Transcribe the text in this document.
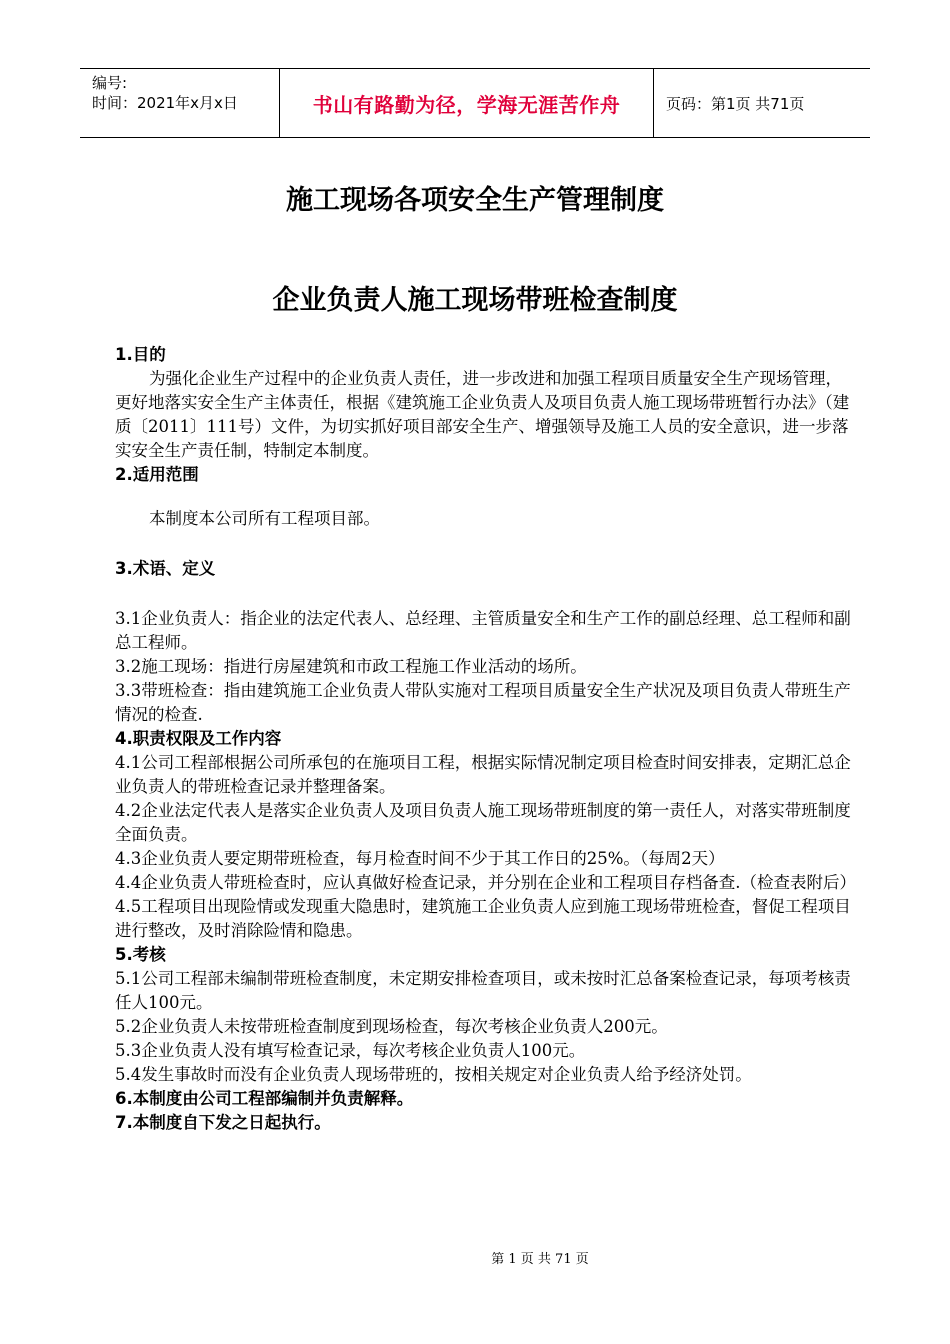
编号:
时间：2021年x月x日	书山有路勤为径，学海无涯苦作舟	页码：第1页 共71页
施工现场各项安全生产管理制度
企业负责人施工现场带班检查制度

1.目的

为强化企业生产过程中的企业负责人责任，进一步改进和加强工程项目质量安全生产现场管理，更好地落实安全生产主体责任，根据《建筑施工企业负责人及项目负责人施工现场带班暂行办法》（建质〔2011〕111号）文件，为切实抓好项目部安全生产、增强领导及施工人员的安全意识，进一步落实安全生产责任制，特制定本制度。

2.适用范围

本制度本公司所有工程项目部。

3.术语、定义

3.1企业负责人：指企业的法定代表人、总经理、主管质量安全和生产工作的副总经理、总工程师和副总工程师。

3.2施工现场：指进行房屋建筑和市政工程施工作业活动的场所。

3.3带班检查：指由建筑施工企业负责人带队实施对工程项目质量安全生产状况及项目负责人带班生产情况的检查.

4.职责权限及工作内容

4.1公司工程部根据公司所承包的在施项目工程，根据实际情况制定项目检查时间安排表，定期汇总企业负责人的带班检查记录并整理备案。

4.2企业法定代表人是落实企业负责人及项目负责人施工现场带班制度的第一责任人，对落实带班制度全面负责。

4.3企业负责人要定期带班检查，每月检查时间不少于其工作日的25%。（每周2天）

4.4企业负责人带班检查时，应认真做好检查记录，并分别在企业和工程项目存档备查.（检查表附后）

4.5工程项目出现险情或发现重大隐患时，建筑施工企业负责人应到施工现场带班检查，督促工程项目进行整改，及时消除险情和隐患。

5.考核

5.1公司工程部未编制带班检查制度，未定期安排检查项目，或未按时汇总备案检查记录，每项考核责任人100元。

5.2企业负责人未按带班检查制度到现场检查，每次考核企业负责人200元。

5.3企业负责人没有填写检查记录，每次考核企业负责人100元。

5.4发生事故时而没有企业负责人现场带班的，按相关规定对企业负责人给予经济处罚。

6.本制度由公司工程部编制并负责解释。

7.本制度自下发之日起执行。

第 1 页 共 71 页
